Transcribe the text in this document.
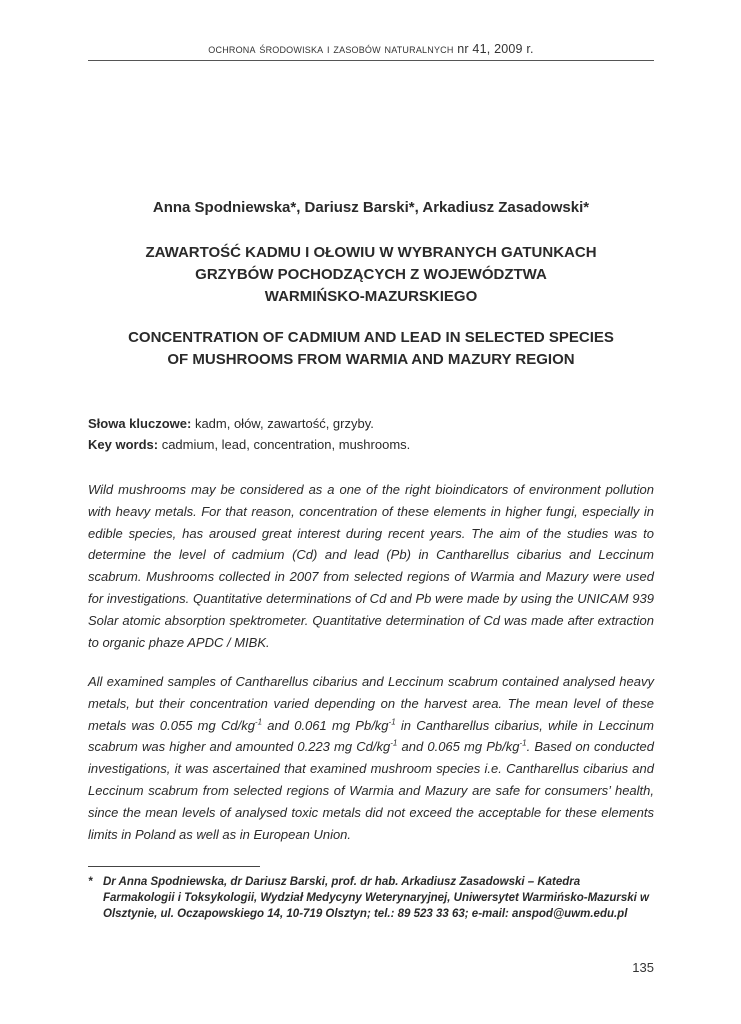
ochrona środowiska i zasobów naturalnych nr 41, 2009 r.
Anna Spodniewska*, Dariusz Barski*, Arkadiusz Zasadowski*
ZAWARTOŚĆ KADMU I OŁOWIU W WYBRANYCH GATUNKACH
GRZYBÓW POCHODZĄCYCH Z WOJEWÓDZTWA
WARMIŃSKO-MAZURSKIEGO
CONCENTRATION OF CADMIUM AND LEAD IN SELECTED SPECIES
OF MUSHROOMS FROM WARMIA AND MAZURY REGION
Słowa kluczowe: kadm, ołów, zawartość, grzyby.
Key words: cadmium, lead, concentration, mushrooms.

Wild mushrooms may be considered as a one of the right bioindicators of environment pollution with heavy metals. For that reason, concentration of these elements in higher fungi, especially in edible species, has aroused great interest during recent years. The aim of the studies was to determine the level of cadmium (Cd) and lead (Pb) in Cantharellus cibarius and Leccinum scabrum. Mushrooms collected in 2007 from selected regions of Warmia and Mazury were used for investigations. Quantitative determinations of Cd and Pb were made by using the UNICAM 939 Solar atomic absorption spektrometer. Quantitative determination of Cd was made after extraction to organic phaze APDC / MIBK.

All examined samples of Cantharellus cibarius and Leccinum scabrum contained analysed heavy metals, but their concentration varied depending on the harvest area. The mean level of these metals was 0.055 mg $Cd/kg^{-1}$ and 0.061 mg $Pb/kg^{-1}$ in Cantharellus cibarius, while in Leccinum scabrum was higher and amounted 0.223 mg $Cd/kg^{-1}$ and 0.065 mg $Pb/kg^{-1}$. Based on conducted investigations, it was ascertained that examined mushroom species i.e. Cantharellus cibarius and Leccinum scabrum from selected regions of Warmia and Mazury are safe for consumers’ health, since the mean levels of analysed toxic metals did not exceed the acceptable for these elements limits in Poland as well as in European Union.

* Dr Anna Spodniewska, dr Dariusz Barski, prof. dr hab. Arkadiusz Zasadowski – Katedra Farmakologii i Toksykologii, Wydział Medycyny Weterynaryjnej, Uniwersytet Warmińsko-Mazurski w Olsztynie, ul. Oczapowskiego 14, 10-719 Olsztyn; tel.: 89 523 33 63; e-mail: anspod@uwm.edu.pl
135
